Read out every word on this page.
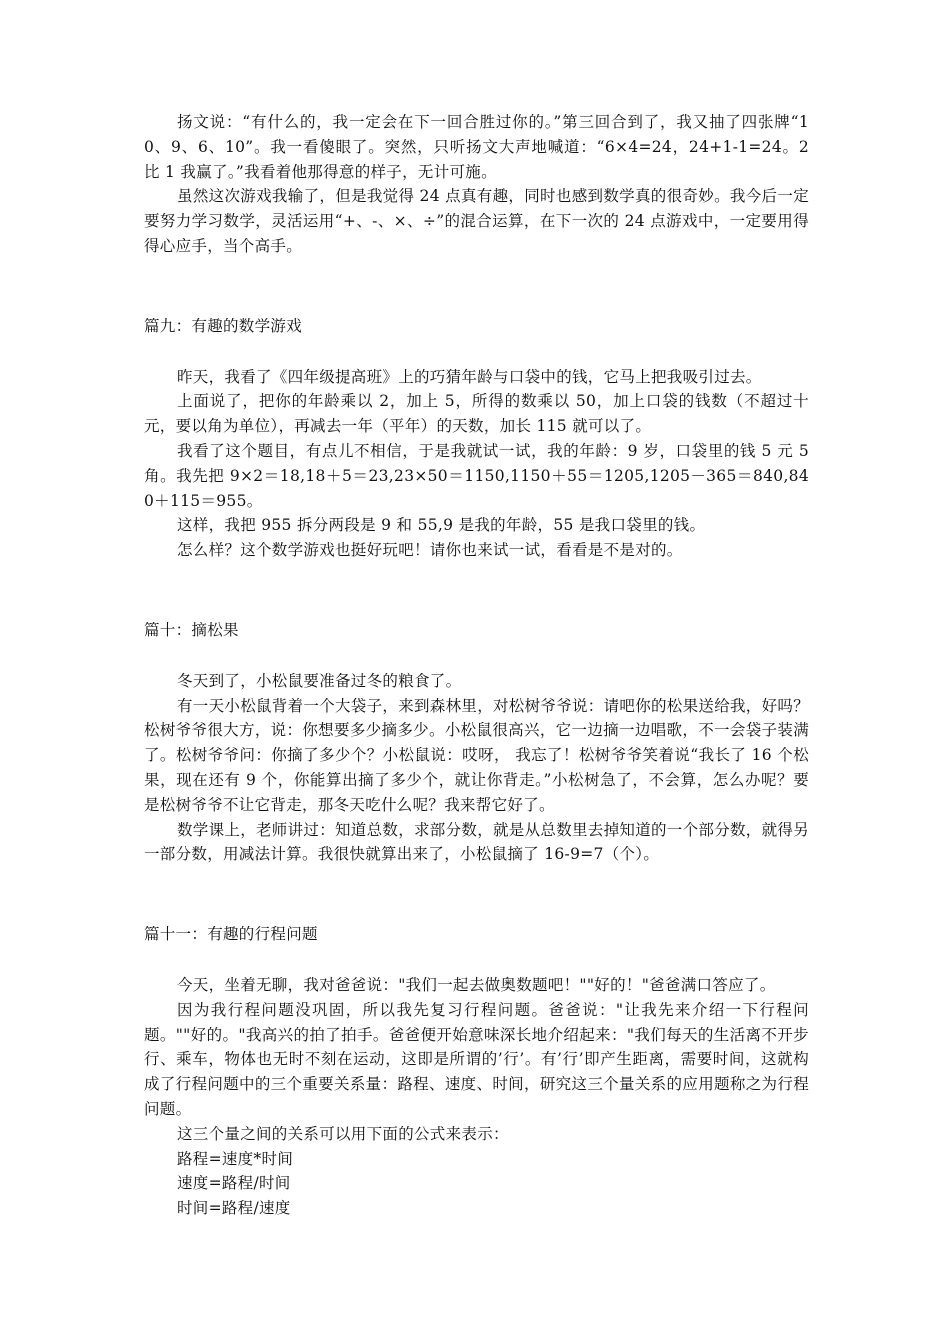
扬文说：“有什么的，我一定会在下一回合胜过你的。”第三回合到了，我又抽了四张牌“10、9、6、10”。我一看傻眼了。突然，只听扬文大声地喊道：“6×4=24，24+1-1=24。2 比 1 我赢了。”我看着他那得意的样子，无计可施。

虽然这次游戏我输了，但是我觉得 24 点真有趣，同时也感到数学真的很奇妙。我今后一定要努力学习数学，灵活运用“+、-、×、÷”的混合运算，在下一次的 24 点游戏中，一定要用得得心应手，当个高手。

篇九：有趣的数学游戏

昨天，我看了《四年级提高班》上的巧猜年龄与口袋中的钱，它马上把我吸引过去。

上面说了，把你的年龄乘以 2，加上 5，所得的数乘以 50，加上口袋的钱数（不超过十元，要以角为单位），再减去一年（平年）的天数，加长 115 就可以了。

我看了这个题目，有点儿不相信，于是我就试一试，我的年龄：9 岁，口袋里的钱 5 元 5 角。我先把 9×2＝18,18＋5＝23,23×50＝1150,1150＋55＝1205,1205－365＝840,840＋115＝955。

这样，我把 955 拆分两段是 9 和 55,9 是我的年龄，55 是我口袋里的钱。

怎么样？这个数学游戏也挺好玩吧！请你也来试一试，看看是不是对的。

篇十：摘松果

冬天到了，小松鼠要准备过冬的粮食了。

有一天小松鼠背着一个大袋子，来到森林里，对松树爷爷说：请吧你的松果送给我，好吗？松树爷爷很大方，说：你想要多少摘多少。小松鼠很高兴，它一边摘一边唱歌，不一会袋子装满了。松树爷爷问：你摘了多少个？小松鼠说：哎呀， 我忘了！松树爷爷笑着说“我长了 16 个松果，现在还有 9 个，你能算出摘了多少个，就让你背走。”小松树急了，不会算，怎么办呢？要是松树爷爷不让它背走，那冬天吃什么呢？我来帮它好了。

数学课上，老师讲过：知道总数，求部分数，就是从总数里去掉知道的一个部分数，就得另一部分数，用减法计算。我很快就算出来了，小松鼠摘了 16-9=7（个）。

篇十一：有趣的行程问题

今天，坐着无聊，我对爸爸说："我们一起去做奥数题吧！""好的！"爸爸满口答应了。

因为我行程问题没巩固，所以我先复习行程问题。爸爸说："让我先来介绍一下行程问题。""好的。"我高兴的拍了拍手。爸爸便开始意味深长地介绍起来："我们每天的生活离不开步行、乘车，物体也无时不刻在运动，这即是所谓的’行’。有’行’即产生距离，需要时间，这就构成了行程问题中的三个重要关系量：路程、速度、时间，研究这三个量关系的应用题称之为行程问题。

这三个量之间的关系可以用下面的公式来表示：

路程=速度*时间

速度=路程/时间

时间=路程/速度
